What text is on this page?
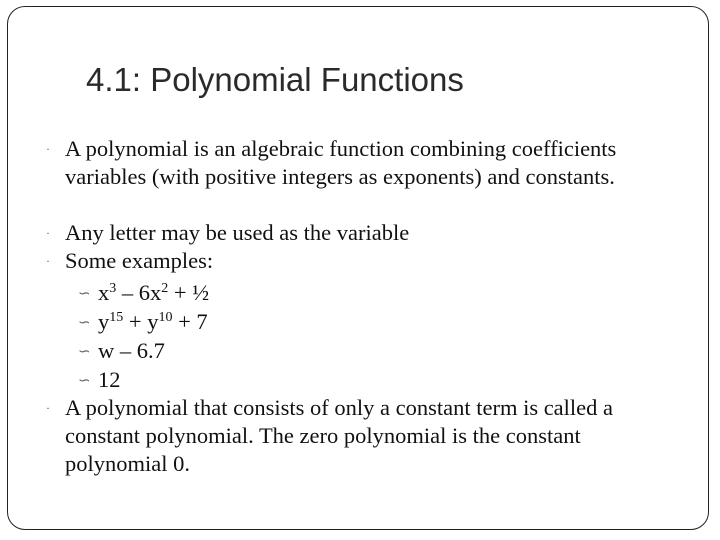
4.1: Polynomial Functions
· A polynomial is an algebraic function combining coefficients variables (with positive integers as exponents) and constants.
· Any letter may be used as the variable
· Some examples:
∽ $x^3 - 6x^2$ + ½
∽ $y^{15} + y^{10} + 7$
∽ w – 6.7
∽ 12
· A polynomial that consists of only a constant term is called a constant polynomial. The zero polynomial is the constant polynomial 0.
